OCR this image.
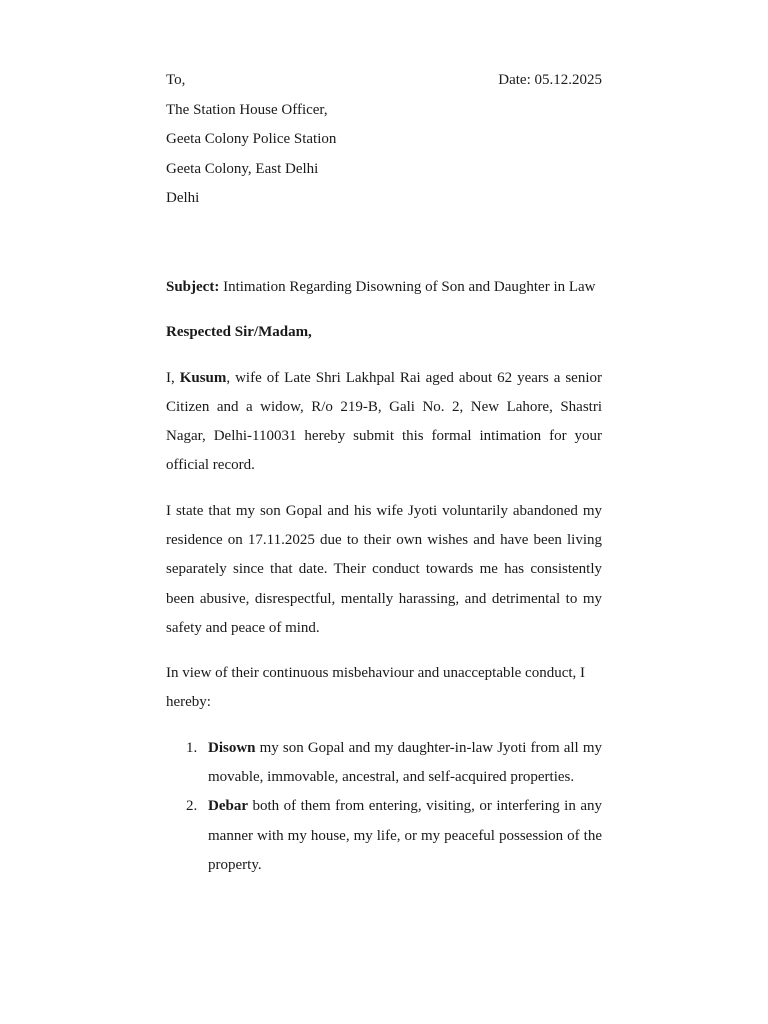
To,	Date: 05.12.2025
The Station House Officer,
Geeta Colony Police Station
Geeta Colony, East Delhi
Delhi
Subject: Intimation Regarding Disowning of Son and Daughter in Law
Respected Sir/Madam,
I, Kusum, wife of Late Shri Lakhpal Rai aged about 62 years a senior Citizen and a widow, R/o 219-B, Gali No. 2, New Lahore, Shastri Nagar, Delhi-110031 hereby submit this formal intimation for your official record.
I state that my son Gopal and his wife Jyoti voluntarily abandoned my residence on 17.11.2025 due to their own wishes and have been living separately since that date. Their conduct towards me has consistently been abusive, disrespectful, mentally harassing, and detrimental to my safety and peace of mind.
In view of their continuous misbehaviour and unacceptable conduct, I hereby:
1. Disown my son Gopal and my daughter-in-law Jyoti from all my movable, immovable, ancestral, and self-acquired properties.
2. Debar both of them from entering, visiting, or interfering in any manner with my house, my life, or my peaceful possession of the property.
